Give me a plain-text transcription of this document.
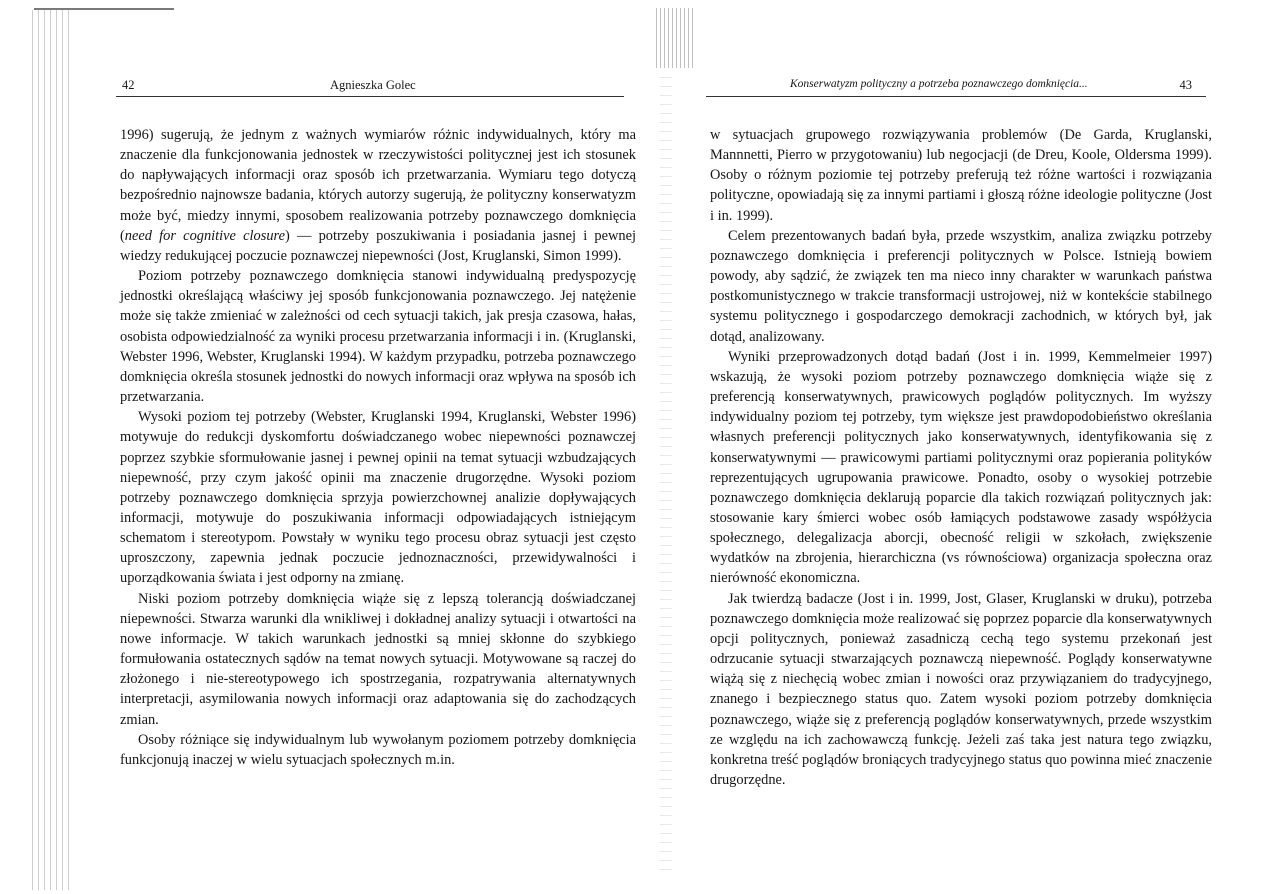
42	Agnieszka Golec

1996) sugerują, że jednym z ważnych wymiarów różnic indywidualnych, który ma znaczenie dla funkcjonowania jednostek w rzeczywistości politycznej jest ich stosunek do napływających informacji oraz sposób ich przetwarzania. Wymiaru tego dotyczą bezpośrednio najnowsze badania, których autorzy sugerują, że polityczny konserwatyzm może być, miedzy innymi, sposobem realizowania potrzeby poznawczego domknięcia (need for cognitive closure) — potrzeby poszukiwania i posiadania jasnej i pewnej wiedzy redukującej poczucie poznawczej niepewności (Jost, Kruglanski, Simon 1999).

Poziom potrzeby poznawczego domknięcia stanowi indywidualną predyspozycję jednostki określającą właściwy jej sposób funkcjonowania poznawczego. Jej natężenie może się także zmieniać w zależności od cech sytuacji takich, jak presja czasowa, hałas, osobista odpowiedzialność za wyniki procesu przetwarzania informacji i in. (Kruglanski, Webster 1996, Webster, Kruglanski 1994). W każdym przypadku, potrzeba poznawczego domknięcia określa stosunek jednostki do nowych informacji oraz wpływa na sposób ich przetwarzania.

Wysoki poziom tej potrzeby (Webster, Kruglanski 1994, Kruglanski, Webster 1996) motywuje do redukcji dyskomfortu doświadczanego wobec niepewności poznawczej poprzez szybkie sformułowanie jasnej i pewnej opinii na temat sytuacji wzbudzających niepewność, przy czym jakość opinii ma znaczenie drugorzędne. Wysoki poziom potrzeby poznawczego domknięcia sprzyja powierzchownej analizie dopływających informacji, motywuje do poszukiwania informacji odpowiadających istniejącym schematom i stereotypom. Powstały w wyniku tego procesu obraz sytuacji jest często uproszczony, zapewnia jednak poczucie jednoznaczności, przewidywalności i uporządkowania świata i jest odporny na zmianę.

Niski poziom potrzeby domknięcia wiąże się z lepszą tolerancją doświadczanej niepewności. Stwarza warunki dla wnikliwej i dokładnej analizy sytuacji i otwartości na nowe informacje. W takich warunkach jednostki są mniej skłonne do szybkiego formułowania ostatecznych sądów na temat nowych sytuacji. Motywowane są raczej do złożonego i nie-stereotypowego ich spostrzegania, rozpatrywania alternatywnych interpretacji, asymilowania nowych informacji oraz adaptowania się do zachodzących zmian.

Osoby różniące się indywidualnym lub wywołanym poziomem potrzeby domknięcia funkcjonują inaczej w wielu sytuacjach społecznych m.in.

Konserwatyzm polityczny a potrzeba poznawczego domknięcia...	43

w sytuacjach grupowego rozwiązywania problemów (De Garda, Kruglanski, Mannnetti, Pierro w przygotowaniu) lub negocjacji (de Dreu, Koole, Oldersma 1999). Osoby o różnym poziomie tej potrzeby preferują też różne wartości i rozwiązania polityczne, opowiadają się za innymi partiami i głoszą różne ideologie polityczne (Jost i in. 1999).

Celem prezentowanych badań była, przede wszystkim, analiza związku potrzeby poznawczego domknięcia i preferencji politycznych w Polsce. Istnieją bowiem powody, aby sądzić, że związek ten ma nieco inny charakter w warunkach państwa postkomunistycznego w trakcie transformacji ustrojowej, niż w kontekście stabilnego systemu politycznego i gospodarczego demokracji zachodnich, w których był, jak dotąd, analizowany.

Wyniki przeprowadzonych dotąd badań (Jost i in. 1999, Kemmelmeier 1997) wskazują, że wysoki poziom potrzeby poznawczego domknięcia wiąże się z preferencją konserwatywnych, prawicowych poglądów politycznych. Im wyższy indywidualny poziom tej potrzeby, tym większe jest prawdopodobieństwo określania własnych preferencji politycznych jako konserwatywnych, identyfikowania się z konserwatywnymi — prawicowymi partiami politycznymi oraz popierania polityków reprezentujących ugrupowania prawicowe. Ponadto, osoby o wysokiej potrzebie poznawczego domknięcia deklarują poparcie dla takich rozwiązań politycznych jak: stosowanie kary śmierci wobec osób łamiących podstawowe zasady współżycia społecznego, delegalizacja aborcji, obecność religii w szkołach, zwiększenie wydatków na zbrojenia, hierarchiczna (vs równościowa) organizacja społeczna oraz nierówność ekonomiczna.

Jak twierdzą badacze (Jost i in. 1999, Jost, Glaser, Kruglanski w druku), potrzeba poznawczego domknięcia może realizować się poprzez poparcie dla konserwatywnych opcji politycznych, ponieważ zasadniczą cechą tego systemu przekonań jest odrzucanie sytuacji stwarzających poznawczą niepewność. Poglądy konserwatywne wiążą się z niechęcią wobec zmian i nowości oraz przywiązaniem do tradycyjnego, znanego i bezpiecznego status quo. Zatem wysoki poziom potrzeby domknięcia poznawczego, wiąże się z preferencją poglądów konserwatywnych, przede wszystkim ze względu na ich zachowawczą funkcję. Jeżeli zaś taka jest natura tego związku, konkretna treść poglądów broniących tradycyjnego status quo powinna mieć znaczenie drugorzędne.
